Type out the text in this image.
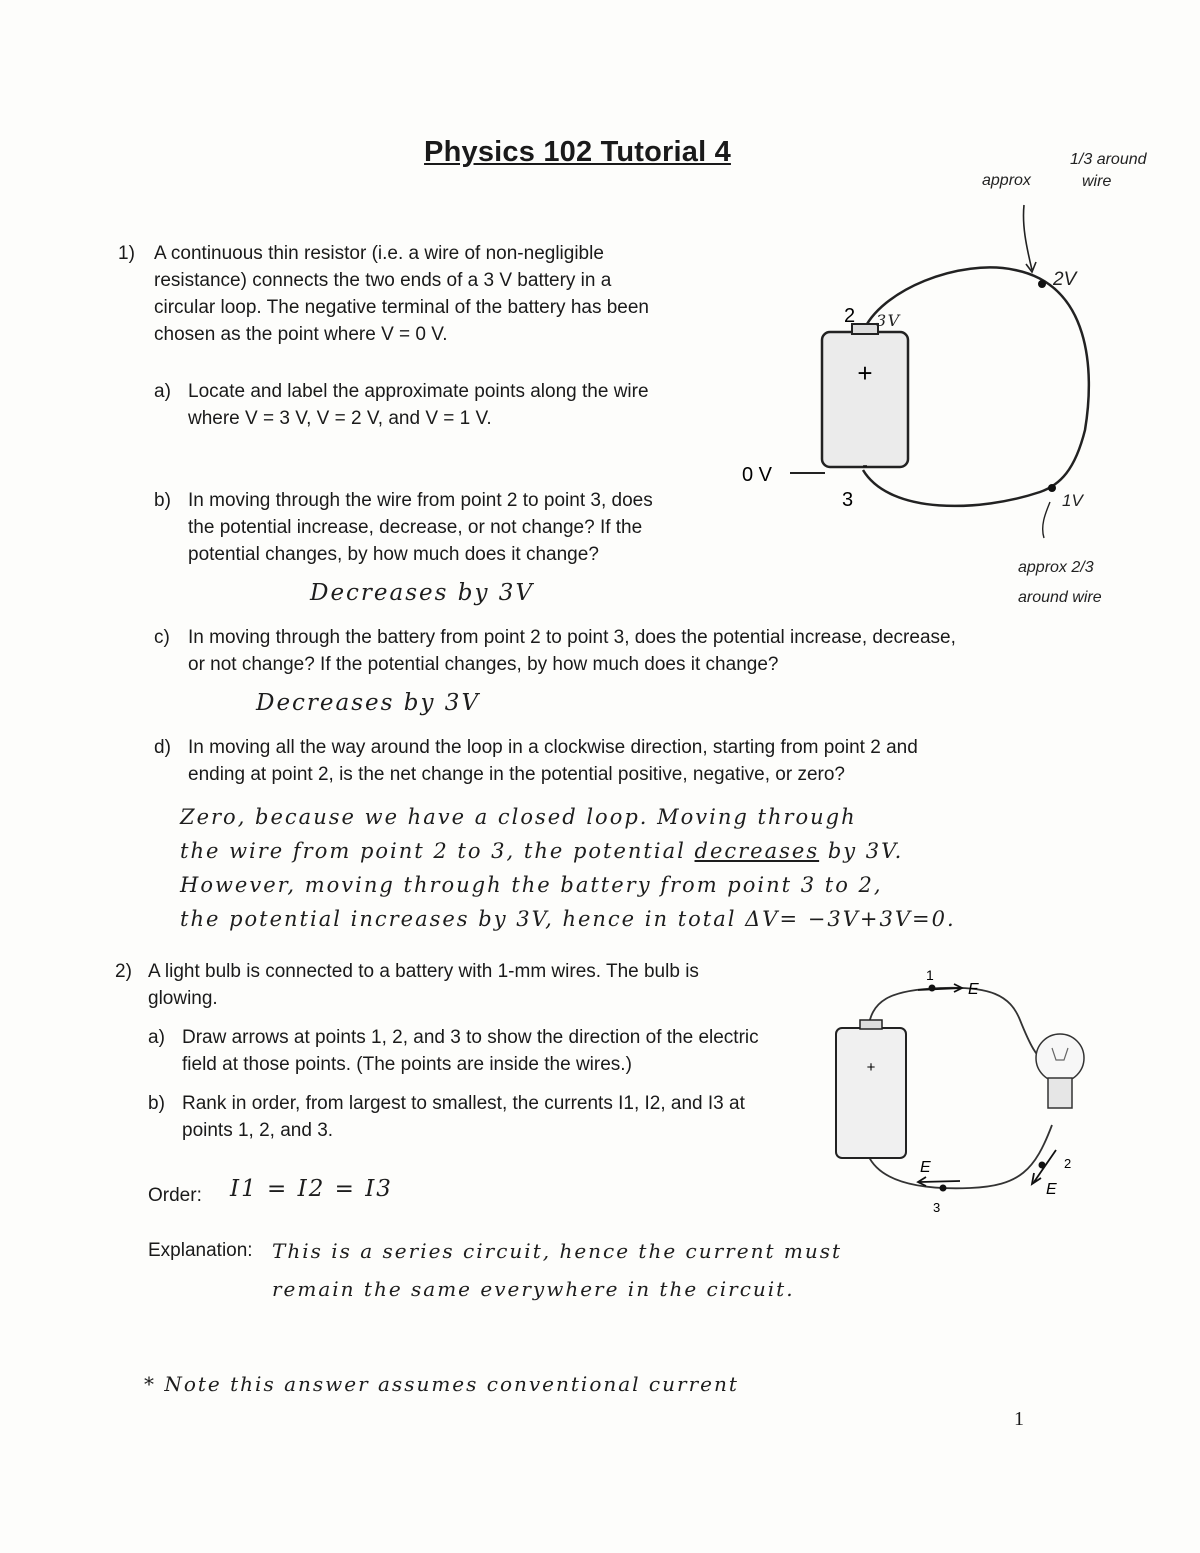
Physics 102 Tutorial 4
1) A continuous thin resistor (i.e. a wire of non-negligible
resistance) connects the two ends of a 3 V battery in a
circular loop. The negative terminal of the battery has been
chosen as the point where V = 0 V.
a) Locate and label the approximate points along the wire
where V = 3 V, V = 2 V, and V = 1 V.
b) In moving through the wire from point 2 to point 3, does
the potential increase, decrease, or not change? If the
potential changes, by how much does it change?
Decreases by 3V
c) In moving through the battery from point 2 to point 3, does the potential increase, decrease,
or not change? If the potential changes, by how much does it change?
Decreases by 3V
d) In moving all the way around the loop in a clockwise direction, starting from point 2 and
ending at point 2, is the net change in the potential positive, negative, or zero?
Zero, because we have a closed loop. Moving through
the wire from point 2 to 3, the potential decreases by 3V.
However, moving through the battery from point 3 to 2,
the potential increases by 3V, hence in total ΔV= −3V+3V=0.
+
-
0 V
2
3
3V
2V
1V
approx
1/3 around
wire
approx 2/3
around wire
2) A light bulb is connected to a battery with 1-mm wires. The bulb is
glowing.
a) Draw arrows at points 1, 2, and 3 to show the direction of the electric
field at those points. (The points are inside the wires.)
b) Rank in order, from largest to smallest, the currents I1, I2, and I3 at
points 1, 2, and 3.
Order: I1 = I2 = I3
Explanation: This is a series circuit, hence the current must
remain the same everywhere in the circuit.
+
1
2
3
E
E
E
* Note this answer assumes conventional current
1
